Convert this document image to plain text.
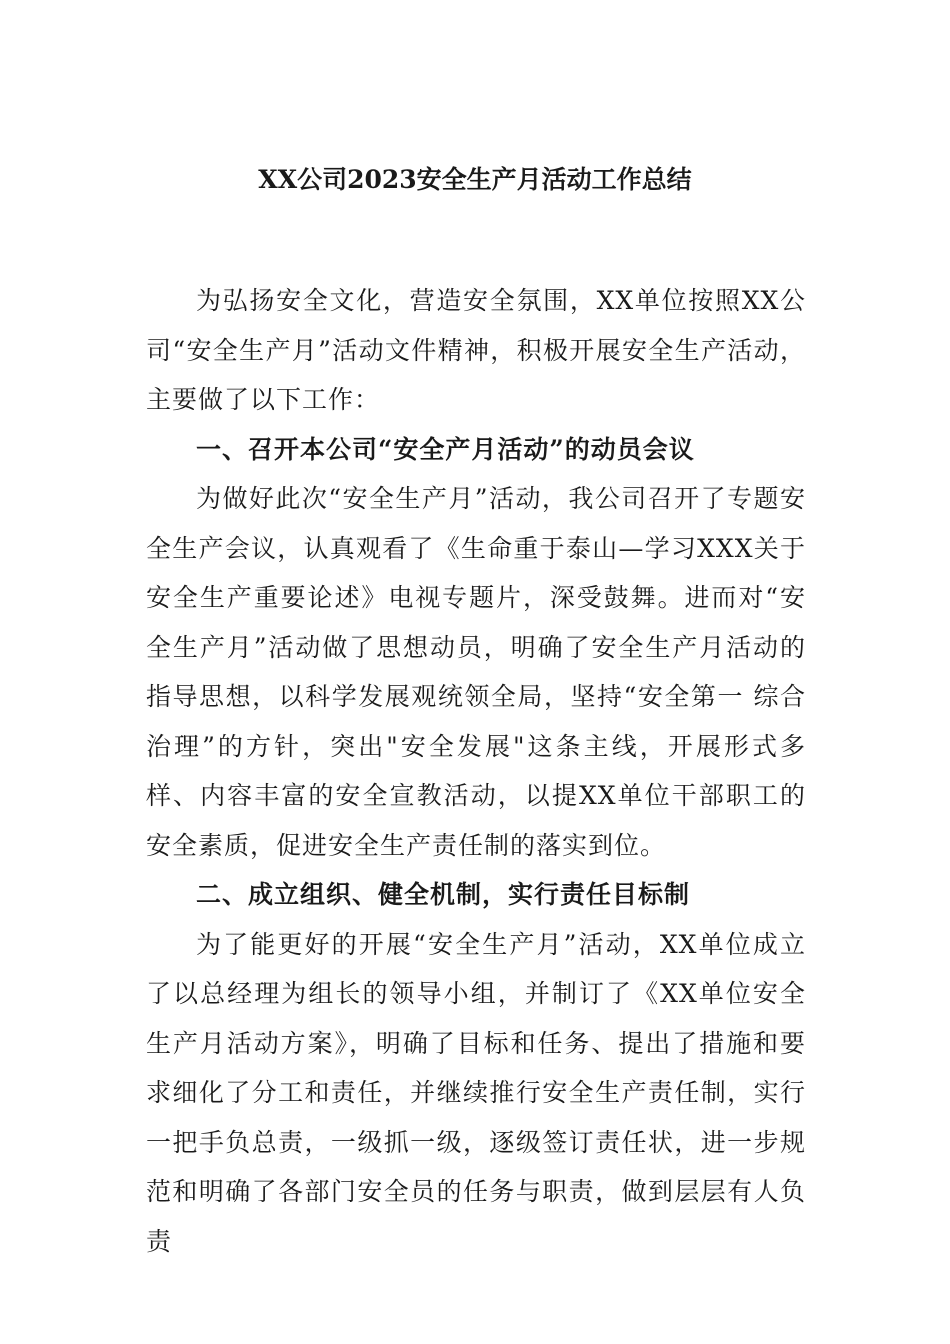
XX公司2023安全生产月活动工作总结

为弘扬安全文化，营造安全氛围，XX单位按照XX公司“安全生产月”活动文件精神，积极开展安全生产活动，主要做了以下工作：

一、召开本公司“安全产月活动”的动员会议

为做好此次“安全生产月”活动，我公司召开了专题安全生产会议，认真观看了《生命重于泰山—学习XXX关于安全生产重要论述》电视专题片，深受鼓舞。进而对“安全生产月”活动做了思想动员，明确了安全生产月活动的指导思想，以科学发展观统领全局，坚持“安全第一 综合治理”的方针，突出"安全发展"这条主线，开展形式多样、内容丰富的安全宣教活动，以提XX单位干部职工的安全素质，促进安全生产责任制的落实到位。

二、成立组织、健全机制，实行责任目标制

为了能更好的开展“安全生产月”活动，XX单位成立了以总经理为组长的领导小组，并制订了《XX单位安全生产月活动方案》，明确了目标和任务、提出了措施和要求细化了分工和责任，并继续推行安全生产责任制，实行一把手负总责，一级抓一级，逐级签订责任状，进一步规范和明确了各部门安全员的任务与职责，做到层层有人负责
